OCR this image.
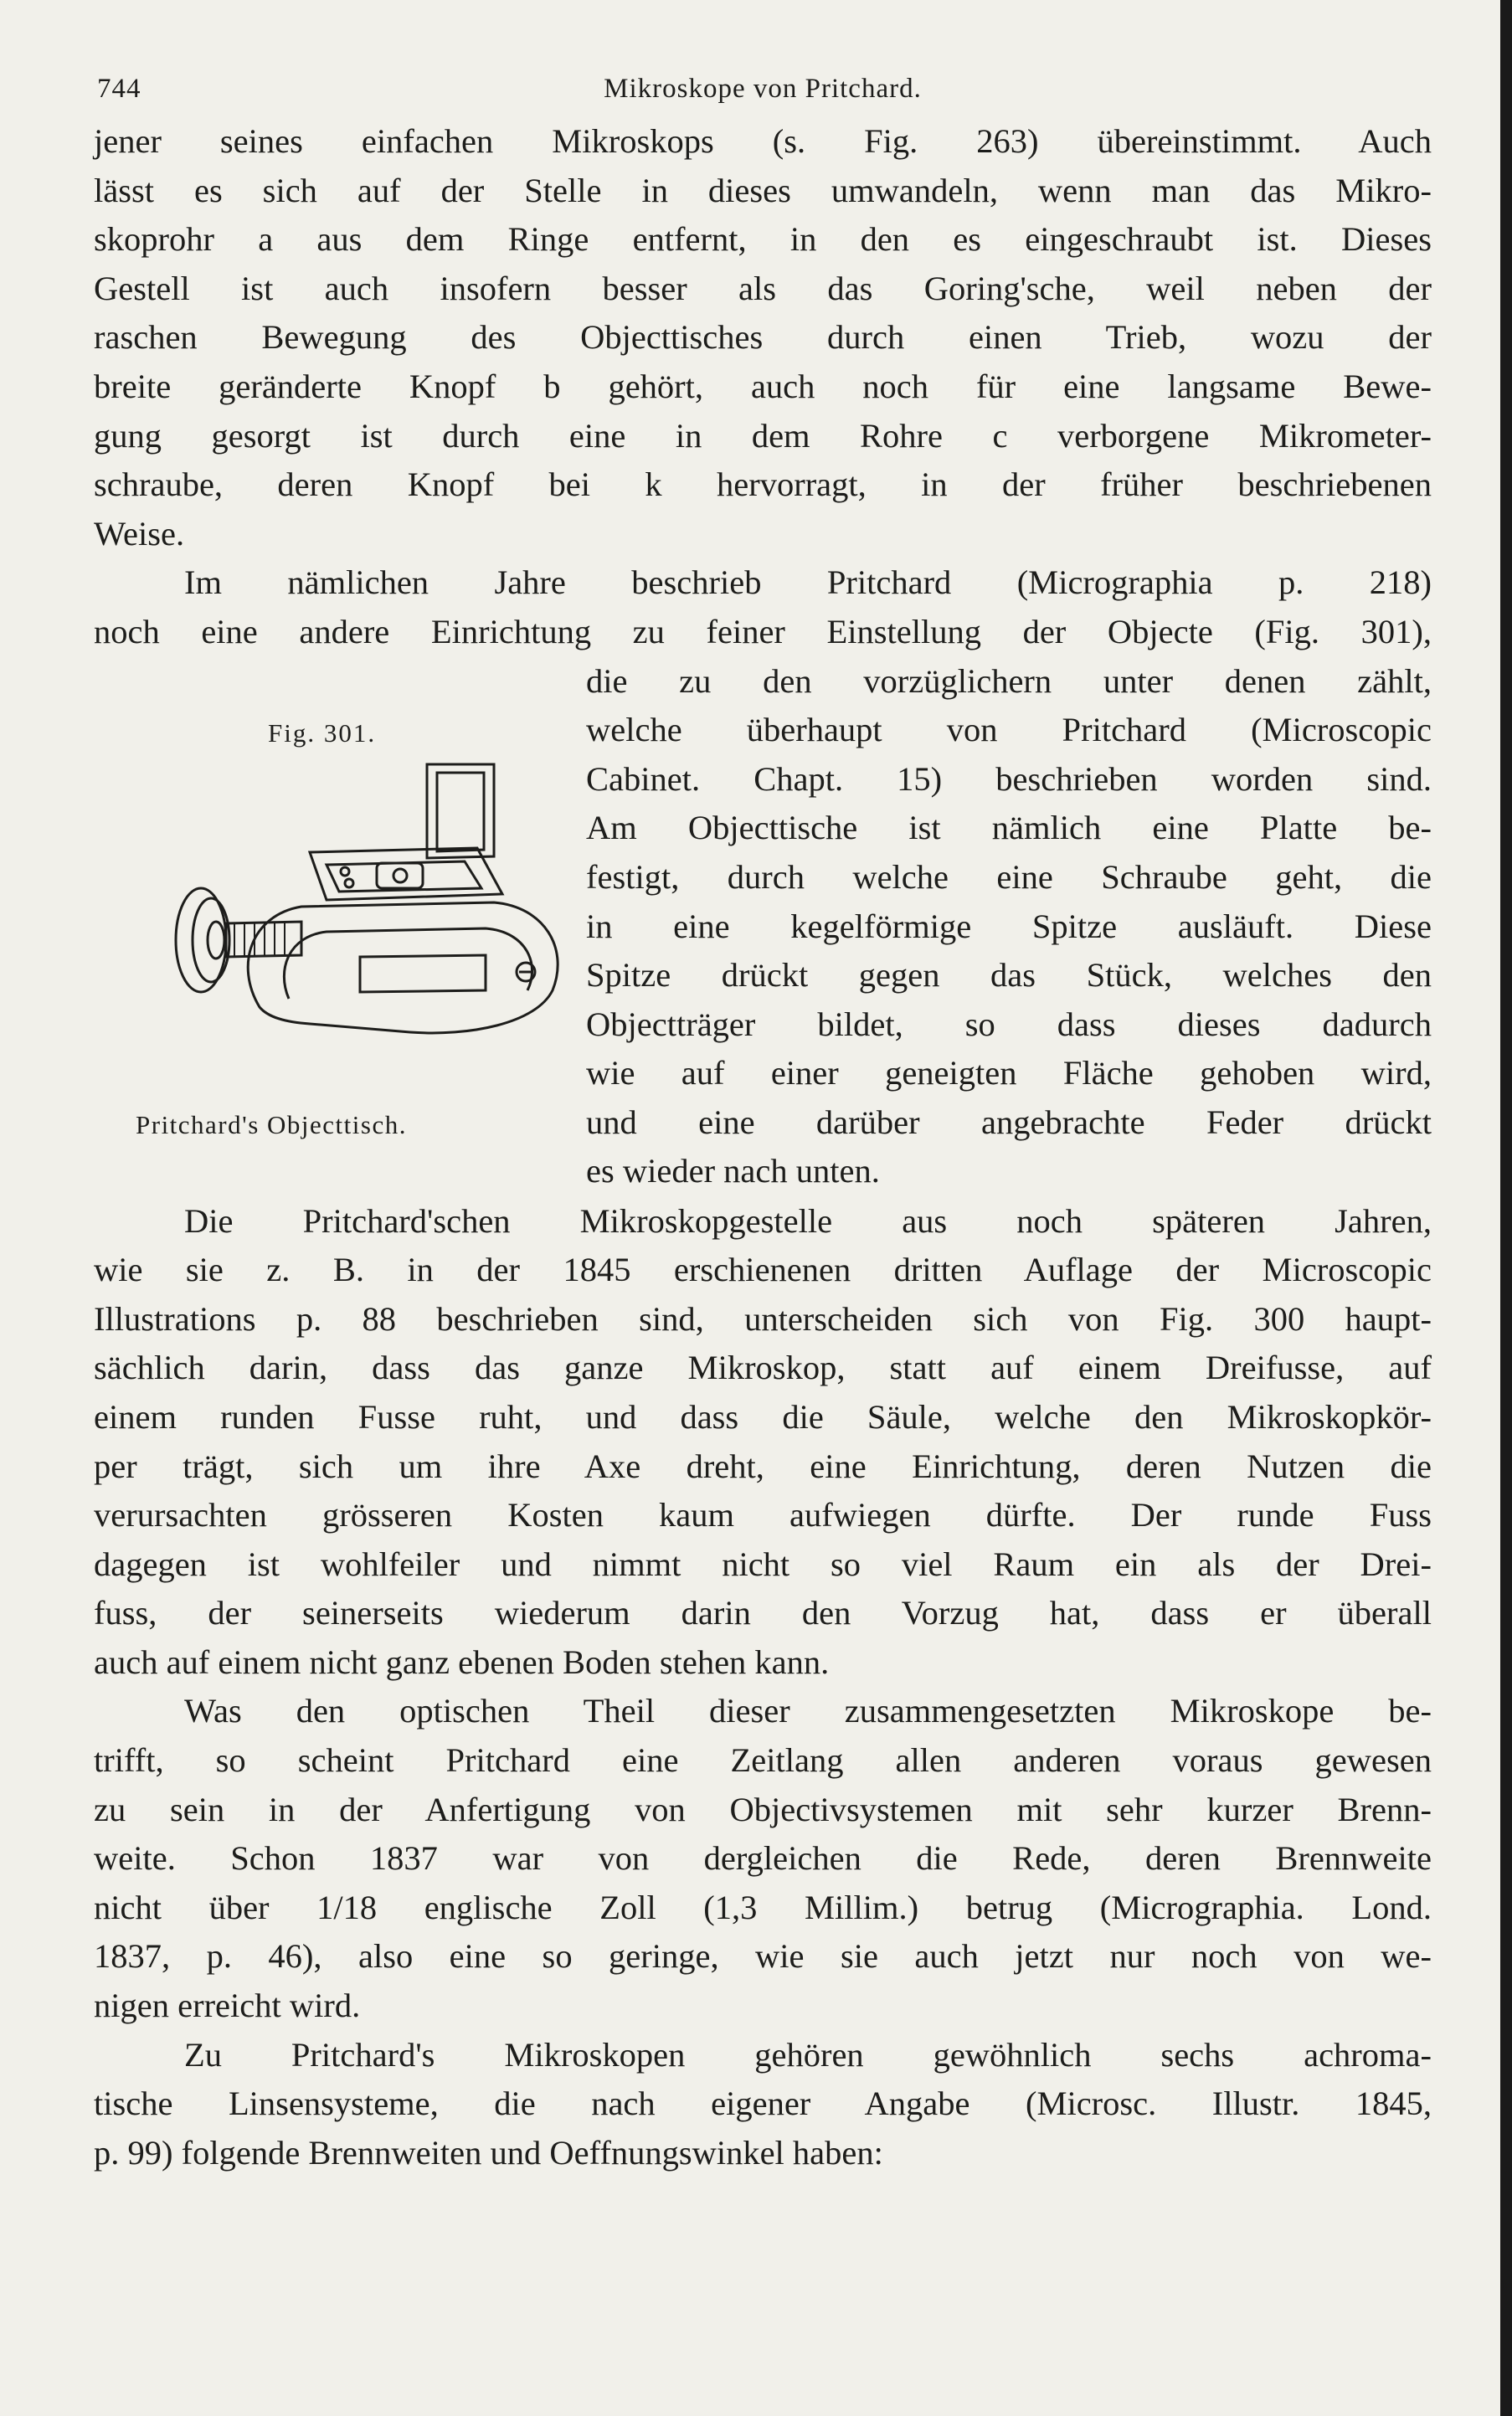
744	Mikroskope von Pritchard.
jener seines einfachen Mikroskops (s. Fig. 263) übereinstimmt. Auch
lässt es sich auf der Stelle in dieses umwandeln, wenn man das Mikro-
skoprohr a aus dem Ringe entfernt, in den es eingeschraubt ist. Dieses
Gestell ist auch insofern besser als das Goring'sche, weil neben der
raschen Bewegung des Objecttisches durch einen Trieb, wozu der
breite geränderte Knopf b gehört, auch noch für eine langsame Bewe-
gung gesorgt ist durch eine in dem Rohre c verborgene Mikrometer-
schraube, deren Knopf bei k hervorragt, in der früher beschriebenen
Weise.
Im nämlichen Jahre beschrieb Pritchard (Micrographia p. 218)
noch eine andere Einrichtung zu feiner Einstellung der Objecte (Fig. 301),
Fig. 301.
Pritchard's Objecttisch.
die zu den vorzüglichern unter denen zählt,
welche überhaupt von Pritchard (Microscopic
Cabinet. Chapt. 15) beschrieben worden sind.
Am Objecttische ist nämlich eine Platte be-
festigt, durch welche eine Schraube geht, die
in eine kegelförmige Spitze ausläuft. Diese
Spitze drückt gegen das Stück, welches den
Objectträger bildet, so dass dieses dadurch
wie auf einer geneigten Fläche gehoben wird,
und eine darüber angebrachte Feder drückt
es wieder nach unten.
Die Pritchard'schen Mikroskopgestelle aus noch späteren Jahren,
wie sie z. B. in der 1845 erschienenen dritten Auflage der Microscopic
Illustrations p. 88 beschrieben sind, unterscheiden sich von Fig. 300 haupt-
sächlich darin, dass das ganze Mikroskop, statt auf einem Dreifusse, auf
einem runden Fusse ruht, und dass die Säule, welche den Mikroskopkör-
per trägt, sich um ihre Axe dreht, eine Einrichtung, deren Nutzen die
verursachten grösseren Kosten kaum aufwiegen dürfte. Der runde Fuss
dagegen ist wohlfeiler und nimmt nicht so viel Raum ein als der Drei-
fuss, der seinerseits wiederum darin den Vorzug hat, dass er überall
auch auf einem nicht ganz ebenen Boden stehen kann.
Was den optischen Theil dieser zusammengesetzten Mikroskope be-
trifft, so scheint Pritchard eine Zeitlang allen anderen voraus gewesen
zu sein in der Anfertigung von Objectivsystemen mit sehr kurzer Brenn-
weite. Schon 1837 war von dergleichen die Rede, deren Brennweite
nicht über 1/18 englische Zoll (1,3 Millim.) betrug (Micrographia. Lond.
1837, p. 46), also eine so geringe, wie sie auch jetzt nur noch von we-
nigen erreicht wird.
Zu Pritchard's Mikroskopen gehören gewöhnlich sechs achroma-
tische Linsensysteme, die nach eigener Angabe (Microsc. Illustr. 1845,
p. 99) folgende Brennweiten und Oeffnungswinkel haben:
